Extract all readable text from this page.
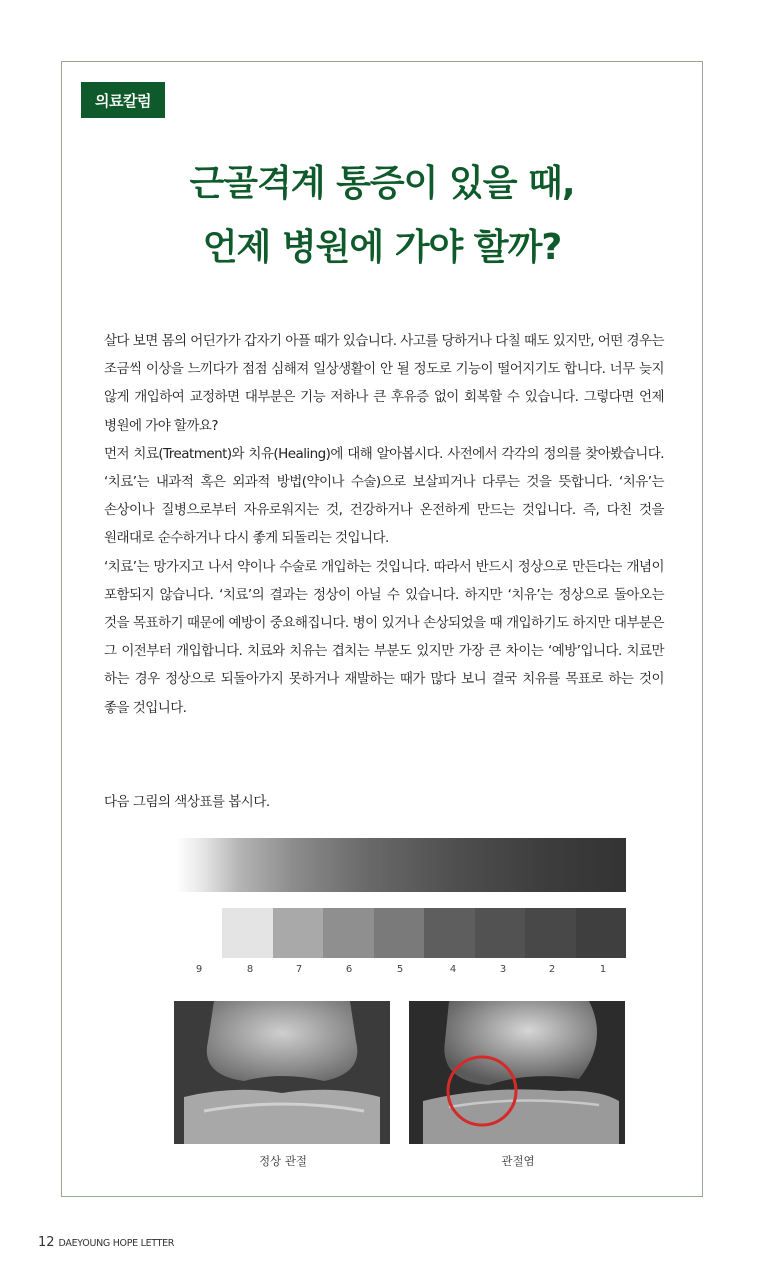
의료칼럼
근골격계 통증이 있을 때,
언제 병원에 가야 할까?

살다 보면 몸의 어딘가가 갑자기 아플 때가 있습니다. 사고를 당하거나 다칠 때도 있지만, 어떤 경우는 조금씩 이상을 느끼다가 점점 심해져 일상생활이 안 될 정도로 기능이 떨어지기도 합니다. 너무 늦지 않게 개입하여 교정하면 대부분은 기능 저하나 큰 후유증 없이 회복할 수 있습니다. 그렇다면 언제 병원에 가야 할까요?

먼저 치료(Treatment)와 치유(Healing)에 대해 알아봅시다. 사전에서 각각의 정의를 찾아봤습니다. ‘치료’는 내과적 혹은 외과적 방법(약이나 수술)으로 보살피거나 다루는 것을 뜻합니다. ‘치유’는 손상이나 질병으로부터 자유로워지는 것, 건강하거나 온전하게 만드는 것입니다. 즉, 다친 것을 원래대로 순수하거나 다시 좋게 되돌리는 것입니다.

‘치료’는 망가지고 나서 약이나 수술로 개입하는 것입니다. 따라서 반드시 정상으로 만든다는 개념이 포함되지 않습니다. ‘치료’의 결과는 정상이 아닐 수 있습니다. 하지만 ‘치유’는 정상으로 돌아오는 것을 목표하기 때문에 예방이 중요해집니다. 병이 있거나 손상되었을 때 개입하기도 하지만 대부분은 그 이전부터 개입합니다. 치료와 치유는 겹치는 부분도 있지만 가장 큰 차이는 ‘예방’입니다. 치료만 하는 경우 정상으로 되돌아가지 못하거나 재발하는 때가 많다 보니 결국 치유를 목표로 하는 것이 좋을 것입니다.

다음 그림의 색상표를 봅시다.
9	8	7	6	5	4	3	2	1
정상 관절	관절염
12 DAEYOUNG HOPE LETTER
